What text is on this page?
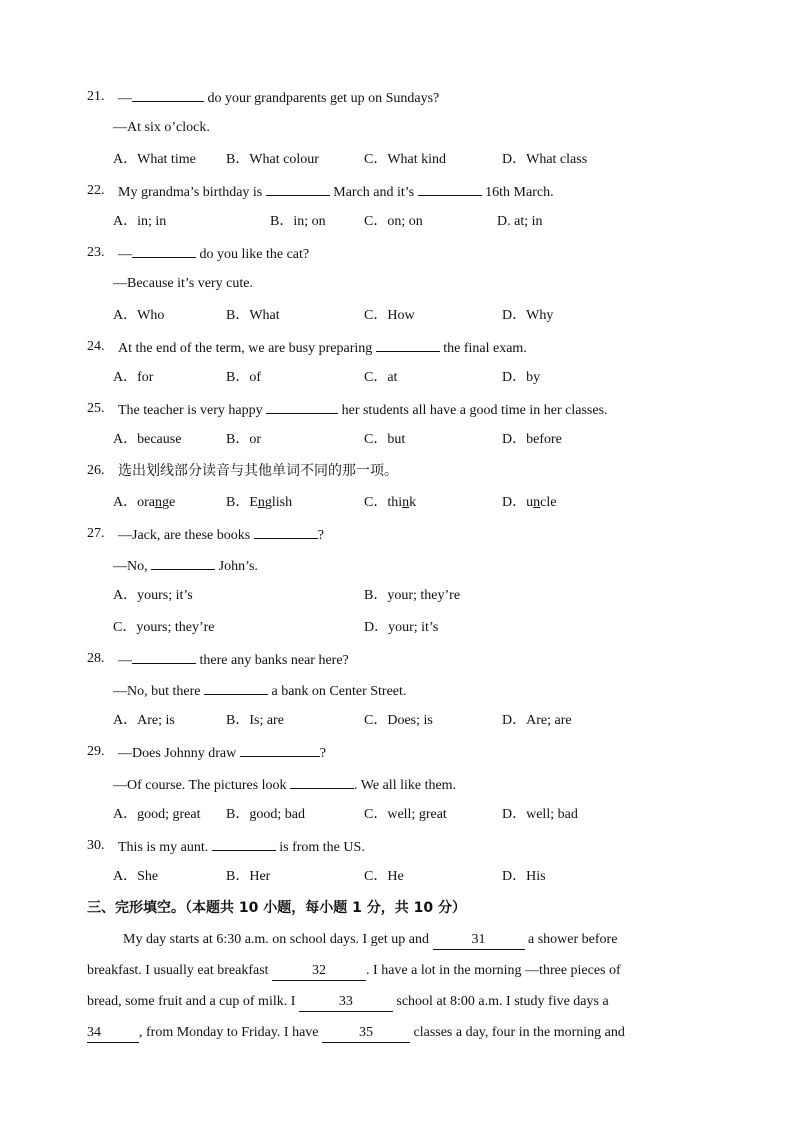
21. —	do your grandparents get up on Sundays?
—At six o’clock.
A．What time B．What colour	C．What kind	D．What class
22. My grandma’s birthday is	March and it’s	16th March.
A．in; in	B．in; on	C．on; on	D. at; in
23. —	do you like the cat?
—Because it’s very cute.
A．Who	B．What	C．How	D．Why
24. At the end of the term, we are busy preparing	the final exam.
A．for	B．of	C．at	D．by
25. The teacher is very happy	her students all have a good time in her classes.
A．because	B．or	C．but	D．before
26. 选出划线部分读音与其他单词不同的那一项。
A．orange	B．English	C．think	D．uncle
27. —Jack, are these books	?
—No,	John’s.
A．yours; it’s	B．your; they’re
C．yours; they’re	D．your; it’s
28. —	there any banks near here?
—No, but there	a bank on Center Street.
A．Are; is	B．Is; are	C．Does; is	D．Are; are
29. —Does Johnny draw	?
—Of course. The pictures look	. We all like them.
A．good; great B．good; bad	C．well; great	D．well; bad
30. This is my aunt.	is from the US.
A．She	B．Her	C．He	D．His
三、完形填空。（本题共 10 小题，每小题 1 分，共 10 分）
My day starts at 6:30 a.m. on school days. I get up and	31	a shower before
breakfast. I usually eat breakfast	32	. I have a lot in the morning —three pieces of
bread, some fruit and a cup of milk. I	33	school at 8:00 a.m. I study five days a
34	, from Monday to Friday. I have	35	classes a day, four in the morning and
